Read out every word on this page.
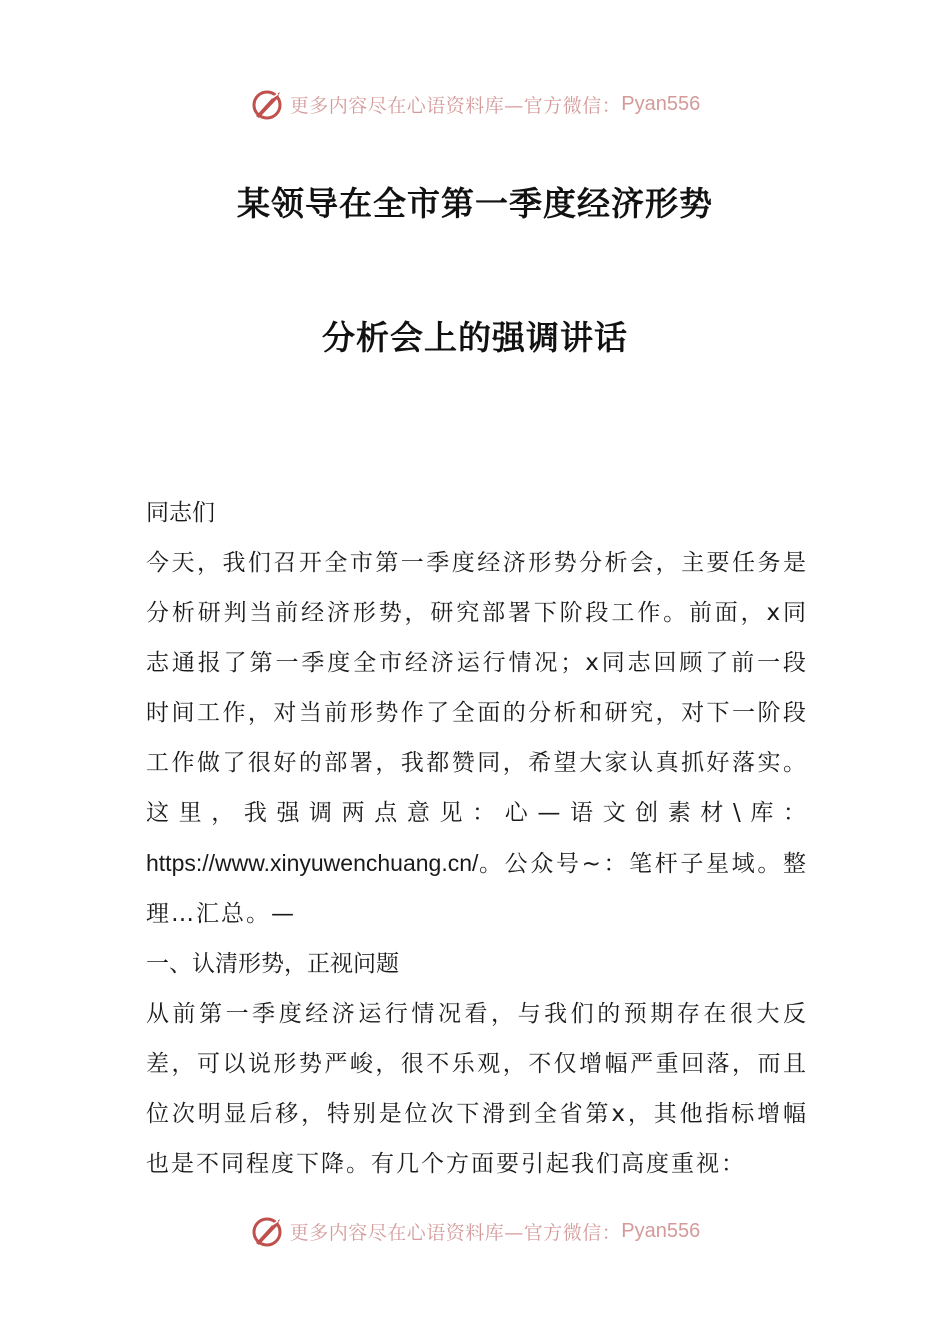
更多内容尽在心语资料库—官方微信： Pyan556
某领导在全市第一季度经济形势
分析会上的强调讲话

同志们

今天，我们召开全市第一季度经济形势分析会，主要任务是分析研判当前经济形势，研究部署下阶段工作。前面，x同志通报了第一季度全市经济运行情况；x同志回顾了前一段时间工作，对当前形势作了全面的分析和研究，对下一阶段工作做了很好的部署，我都赞同，希望大家认真抓好落实。这里，我强调两点意见：心—语文创素材\库：https://www.xinyuwenchuang.cn/。公众号~：笔杆子星域。整理…汇总。—

一、认清形势，正视问题

从前第一季度经济运行情况看，与我们的预期存在很大反差，可以说形势严峻，很不乐观，不仅增幅严重回落，而且位次明显后移，特别是位次下滑到全省第x，其他指标增幅也是不同程度下降。有几个方面要引起我们高度重视：

更多内容尽在心语资料库—官方微信： Pyan556
